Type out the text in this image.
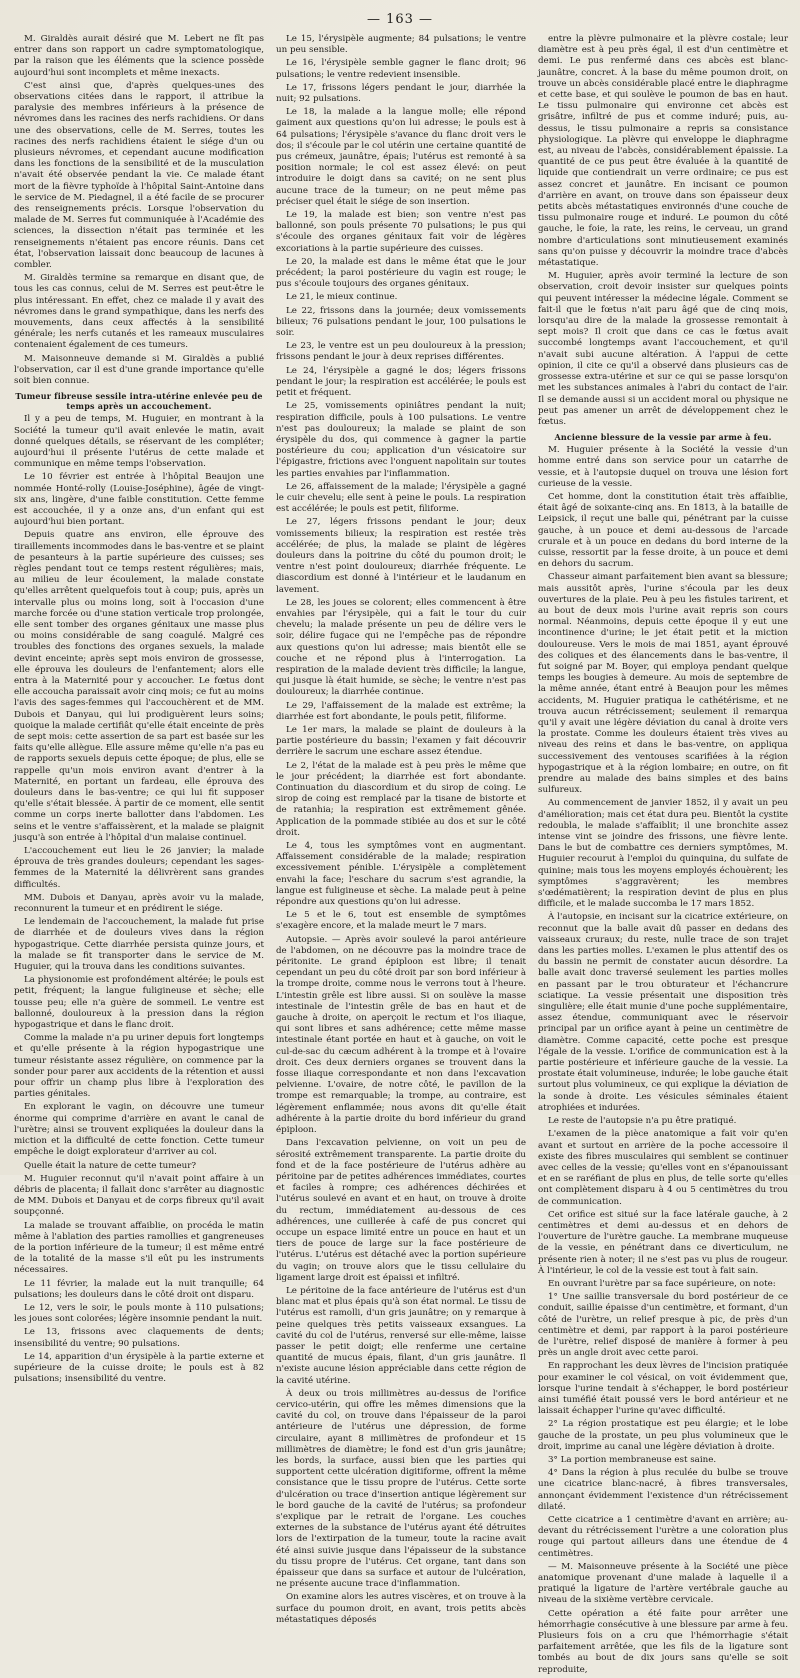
— 163 —

M. Giraldès aurait désiré que M. Lebert ne fît pas entrer dans son rapport un cadre symptomatologique, par la raison que les éléments que la science possède aujourd'hui sont incomplets et même inexacts.

C'est ainsi que, d'après quelques-unes des observations citées dans le rapport, il attribue la paralysie des membres inférieurs à la présence de névromes dans les racines des nerfs rachidiens. Or dans une des observations, celle de M. Serres, toutes les racines des nerfs rachidiens étaient le siége d'un ou plusieurs névromes, et cependant aucune modification dans les fonctions de la sensibilité et de la musculation n'avait été observée pendant la vie. Ce malade étant mort de la fièvre typhoïde à l'hôpital Saint-Antoine dans le service de M. Piedagnel, il a été facile de se procurer des renseignements précis. Lorsque l'observation du malade de M. Serres fut communiquée à l'Académie des sciences, la dissection n'était pas terminée et les renseignements n'étaient pas encore réunis. Dans cet état, l'observation laissait donc beaucoup de lacunes à combler.

M. Giraldès termine sa remarque en disant que, de tous les cas connus, celui de M. Serres est peut-être le plus intéressant. En effet, chez ce malade il y avait des névromes dans le grand sympathique, dans les nerfs des mouvements, dans ceux affectés à la sensibilité générale; les nerfs cutanés et les rameaux musculaires contenaient également de ces tumeurs.

M. Maisonneuve demande si M. Giraldès a publié l'observation, car il est d'une grande importance qu'elle soit bien connue.

Tumeur fibreuse sessile intra-utérine enlevée peu de temps après un accouchement.

Il y a peu de temps, M. Huguier, en montrant à la Société la tumeur qu'il avait enlevée le matin, avait donné quelques détails, se réservant de les compléter; aujourd'hui il présente l'utérus de cette malade et communique en même temps l'observation.

Le 10 février est entrée à l'hôpital Beaujon une nommée Honté-rolly (Louise-Joséphine), âgée de vingt-six ans, lingère, d'une faible constitution. Cette femme est accouchée, il y a onze ans, d'un enfant qui est aujourd'hui bien portant.

Depuis quatre ans environ, elle éprouve des tiraillements incommodes dans le bas-ventre et se plaint de pesanteurs à la partie supérieure des cuisses; ses règles pendant tout ce temps restent régulières; mais, au milieu de leur écoulement, la malade constate qu'elles arrêtent quelquefois tout à coup; puis, après un intervalle plus ou moins long, soit à l'occasion d'une marche forcée ou d'une station verticale trop prolongée, elle sent tomber des organes génitaux une masse plus ou moins considérable de sang coagulé. Malgré ces troubles des fonctions des organes sexuels, la malade devint enceinte; après sept mois environ de grossesse, elle éprouva les douleurs de l'enfantement; alors elle entra à la Maternité pour y accoucher. Le fœtus dont elle accoucha paraissait avoir cinq mois; ce fut au moins l'avis des sages-femmes qui l'accouchèrent et de MM. Dubois et Danyau, qui lui prodiguèrent leurs soins; quoique la malade certifiât qu'elle était enceinte de près de sept mois: cette assertion de sa part est basée sur les faits qu'elle allègue. Elle assure même qu'elle n'a pas eu de rapports sexuels depuis cette époque; de plus, elle se rappelle qu'un mois environ avant d'entrer à la Maternité, en portant un fardeau, elle éprouva des douleurs dans le bas-ventre; ce qui lui fit supposer qu'elle s'était blessée. À partir de ce moment, elle sentit comme un corps inerte ballotter dans l'abdomen. Les seins et le ventre s'affaissèrent, et la malade se plaignit jusqu'à son entrée à l'hôpital d'un malaise continuel.

L'accouchement eut lieu le 26 janvier; la malade éprouva de très grandes douleurs; cependant les sages-femmes de la Maternité la délivrèrent sans grandes difficultés.

MM. Dubois et Danyau, après avoir vu la malade, reconnurent la tumeur et en prédirent le siége.

Le lendemain de l'accouchement, la malade fut prise de diarrhée et de douleurs vives dans la région hypogastrique. Cette diarrhée persista quinze jours, et la malade se fit transporter dans le service de M. Huguier, qui la trouva dans les conditions suivantes.

La physionomie est profondément altérée; le pouls est petit, fréquent; la langue fuligineuse et sèche; elle tousse peu; elle n'a guère de sommeil. Le ventre est ballonné, douloureux à la pression dans la région hypogastrique et dans le flanc droit.

Comme la malade n'a pu uriner depuis fort longtemps et qu'elle présente à la région hypogastrique une tumeur résistante assez régulière, on commence par la sonder pour parer aux accidents de la rétention et aussi pour offrir un champ plus libre à l'exploration des parties génitales.

En explorant le vagin, on découvre une tumeur énorme qui comprime d'arrière en avant le canal de l'urètre; ainsi se trouvent expliquées la douleur dans la miction et la difficulté de cette fonction. Cette tumeur empêche le doigt explorateur d'arriver au col.

Quelle était la nature de cette tumeur?

M. Huguier reconnut qu'il n'avait point affaire à un débris de placenta; il fallait donc s'arrêter au diagnostic de MM. Dubois et Danyau et de corps fibreux qu'il avait soupçonné.

La malade se trouvant affaiblie, on procéda le matin même à l'ablation des parties ramollies et gangreneuses de la portion inférieure de la tumeur; il est même entré de la totalité de la masse s'il eût pu les instruments nécessaires.

Le 11 février, la malade eut la nuit tranquille; 64 pulsations; les douleurs dans le côté droit ont disparu.

Le 12, vers le soir, le pouls monte à 110 pulsations; les joues sont colorées; légère insomnie pendant la nuit.

Le 13, frissons avec claquements de dents; insensibilité du ventre; 90 pulsations.

Le 14, apparition d'un érysipèle à la partie externe et supérieure de la cuisse droite; le pouls est à 82 pulsations; insensibilité du ventre.

Le 15, l'érysipèle augmente; 84 pulsations; le ventre un peu sensible.

Le 16, l'érysipèle semble gagner le flanc droit; 96 pulsations; le ventre redevient insensible.

Le 17, frissons légers pendant le jour, diarrhée la nuit; 92 pulsations.

Le 18, la malade a la langue molle; elle répond gaiment aux questions qu'on lui adresse; le pouls est à 64 pulsations; l'érysipèle s'avance du flanc droit vers le dos; il s'écoule par le col utérin une certaine quantité de pus crémeux, jaunâtre, épais; l'utérus est remonté à sa position normale; le col est assez élevé: on peut introduire le doigt dans sa cavité; on ne sent plus aucune trace de la tumeur; on ne peut même pas préciser quel était le siége de son insertion.

Le 19, la malade est bien; son ventre n'est pas ballonné, son pouls présente 70 pulsations; le pus qui s'écoule des organes génitaux fait voir de légères excoriations à la partie supérieure des cuisses.

Le 20, la malade est dans le même état que le jour précédent; la paroi postérieure du vagin est rouge; le pus s'écoule toujours des organes génitaux.

Le 21, le mieux continue.

Le 22, frissons dans la journée; deux vomissements bilieux; 76 pulsations pendant le jour, 100 pulsations le soir.

Le 23, le ventre est un peu douloureux à la pression; frissons pendant le jour à deux reprises différentes.

Le 24, l'érysipèle a gagné le dos; légers frissons pendant le jour; la respiration est accélérée; le pouls est petit et fréquent.

Le 25, vomissements opiniâtres pendant la nuit; respiration difficile, pouls à 100 pulsations. Le ventre n'est pas douloureux; la malade se plaint de son érysipèle du dos, qui commence à gagner la partie postérieure du cou; application d'un vésicatoire sur l'épigastre, frictions avec l'onguent napolitain sur toutes les parties envahies par l'inflammation.

Le 26, affaissement de la malade; l'érysipèle a gagné le cuir chevelu; elle sent à peine le pouls. La respiration est accélérée; le pouls est petit, filiforme.

Le 27, légers frissons pendant le jour; deux vomissements bilieux; la respiration est restée très accélérée; de plus, la malade se plaint de légères douleurs dans la poitrine du côté du poumon droit; le ventre n'est point douloureux; diarrhée fréquente. Le diascordium est donné à l'intérieur et le laudanum en lavement.

Le 28, les joues se colorent; elles commencent à être envahies par l'érysipèle, qui a fait le tour du cuir chevelu; la malade présente un peu de délire vers le soir, délire fugace qui ne l'empêche pas de répondre aux questions qu'on lui adresse; mais bientôt elle se couche et ne répond plus à l'interrogation. La respiration de la malade devient très difficile; la langue, qui jusque là était humide, se sèche; le ventre n'est pas douloureux; la diarrhée continue.

Le 29, l'affaissement de la malade est extrême; la diarrhée est fort abondante, le pouls petit, filiforme.

Le 1er mars, la malade se plaint de douleurs à la partie postérieure du bassin; l'examen y fait découvrir derrière le sacrum une eschare assez étendue.

Le 2, l'état de la malade est à peu près le même que le jour précédent; la diarrhée est fort abondante. Continuation du diascordium et du sirop de coing. Le sirop de coing est remplacé par la tisane de bistorte et de ratanhia; la respiration est extrêmement gênée. Application de la pommade stibiée au dos et sur le côté droit.

Le 4, tous les symptômes vont en augmentant. Affaissement considérable de la malade; respiration excessivement pénible. L'érysipèle a complètement envahi la face; l'eschare du sacrum s'est agrandie, la langue est fuligineuse et sèche. La malade peut à peine répondre aux questions qu'on lui adresse.

Le 5 et le 6, tout est ensemble de symptômes s'exagère encore, et la malade meurt le 7 mars.

Autopsie. — Après avoir soulevé la paroi antérieure de l'abdomen, on ne découvre pas la moindre trace de péritonite. Le grand épiploon est libre; il tenait cependant un peu du côté droit par son bord inférieur à la trompe droite, comme nous le verrons tout à l'heure. L'intestin grêle est libre aussi. Si on soulève la masse intestinale de l'intestin grêle de bas en haut et de gauche à droite, on aperçoit le rectum et l'os iliaque, qui sont libres et sans adhérence; cette même masse intestinale étant portée en haut et à gauche, on voit le cul-de-sac du cæcum adhérent à la trompe et à l'ovaire droit. Ces deux derniers organes se trouvent dans la fosse iliaque correspondante et non dans l'excavation pelvienne. L'ovaire, de notre côté, le pavillon de la trompe est remarquable; la trompe, au contraire, est légèrement enflammée; nous avons dit qu'elle était adhérente à la partie droite du bord inférieur du grand épiploon.

Dans l'excavation pelvienne, on voit un peu de sérosité extrêmement transparente. La partie droite du fond et de la face postérieure de l'utérus adhère au péritoine par de petites adhérences immédiates, courtes et faciles à rompre; ces adhérences déchirées et l'utérus soulevé en avant et en haut, on trouve à droite du rectum, immédiatement au-dessous de ces adhérences, une cuillerée à café de pus concret qui occupe un espace limité entre un pouce en haut et un tiers de pouce de large sur la face postérieure de l'utérus. L'utérus est détaché avec la portion supérieure du vagin; on trouve alors que le tissu cellulaire du ligament large droit est épaissi et infiltré.

Le péritoine de la face antérieure de l'utérus est d'un blanc mat et plus épais qu'à son état normal. Le tissu de l'utérus est ramolli, d'un gris jaunâtre; on y remarque à peine quelques très petits vaisseaux exsangues. La cavité du col de l'utérus, renversé sur elle-même, laisse passer le petit doigt; elle renferme une certaine quantité de mucus épais, filant, d'un gris jaunâtre. Il n'existe aucune lésion appréciable dans cette région de la cavité utérine.

À deux ou trois millimètres au-dessus de l'orifice cervico-utérin, qui offre les mêmes dimensions que la cavité du col, on trouve dans l'épaisseur de la paroi antérieure de l'utérus une dépression, de forme circulaire, ayant 8 millimètres de profondeur et 15 millimètres de diamètre; le fond est d'un gris jaunâtre; les bords, la surface, aussi bien que les parties qui supportent cette ulcération digitiforme, offrent la même consistance que le tissu propre de l'utérus. Cette sorte d'ulcération ou trace d'insertion antique légèrement sur le bord gauche de la cavité de l'utérus; sa profondeur s'explique par le retrait de l'organe. Les couches externes de la substance de l'utérus ayant été détruites lors de l'extirpation de la tumeur, toute la racine avait été ainsi suivie jusque dans l'épaisseur de la substance du tissu propre de l'utérus. Cet organe, tant dans son épaisseur que dans sa surface et autour de l'ulcération, ne présente aucune trace d'inflammation.

On examine alors les autres viscères, et on trouve à la surface du poumon droit, en avant, trois petits abcès métastatiques déposés

entre la plèvre pulmonaire et la plèvre costale; leur diamètre est à peu près égal, il est d'un centimètre et demi. Le pus renfermé dans ces abcès est blanc-jaunâtre, concret. À la base du même poumon droit, on trouve un abcès considérable placé entre le diaphragme et cette base, et qui soulève le poumon de bas en haut. Le tissu pulmonaire qui environne cet abcès est grisâtre, infiltré de pus et comme induré; puis, au-dessus, le tissu pulmonaire a repris sa consistance physiologique. La plèvre qui enveloppe le diaphragme est, au niveau de l'abcès, considérablement épaissie. La quantité de ce pus peut être évaluée à la quantité de liquide que contiendrait un verre ordinaire; ce pus est assez concret et jaunâtre. En incisant ce poumon d'arrière en avant, on trouve dans son épaisseur deux petits abcès métastatiques environnés d'une couche de tissu pulmonaire rouge et induré. Le poumon du côté gauche, le foie, la rate, les reins, le cerveau, un grand nombre d'articulations sont minutieusement examinés sans qu'on puisse y découvrir la moindre trace d'abcès métastatique.

M. Huguier, après avoir terminé la lecture de son observation, croit devoir insister sur quelques points qui peuvent intéresser la médecine légale. Comment se fait-il que le fœtus n'ait paru âgé que de cinq mois, lorsqu'au dire de la malade la grossesse remontait à sept mois? Il croit que dans ce cas le fœtus avait succombé longtemps avant l'accouchement, et qu'il n'avait subi aucune altération. À l'appui de cette opinion, il cite ce qu'il a observé dans plusieurs cas de grossesse extra-utérine et sur ce qui se passe lorsqu'on met les substances animales à l'abri du contact de l'air. Il se demande aussi si un accident moral ou physique ne peut pas amener un arrêt de développement chez le fœtus.

Ancienne blessure de la vessie par arme à feu.

M. Huguier présente à la Société la vessie d'un homme entré dans son service pour un catarrhe de vessie, et à l'autopsie duquel on trouva une lésion fort curieuse de la vessie.

Cet homme, dont la constitution était très affaiblie, était âgé de soixante-cinq ans. En 1813, à la bataille de Leipsick, il reçut une balle qui, pénétrant par la cuisse gauche, à un pouce et demi au-dessous de l'arcade crurale et à un pouce en dedans du bord interne de la cuisse, ressortit par la fesse droite, à un pouce et demi en dehors du sacrum.

Chasseur aimant parfaitement bien avant sa blessure; mais aussitôt après, l'urine s'écoula par les deux ouvertures de la plaie. Peu à peu les fistules tarirent, et au bout de deux mois l'urine avait repris son cours normal. Néanmoins, depuis cette époque il y eut une incontinence d'urine; le jet était petit et la miction douloureuse. Vers le mois de mai 1851, ayant éprouvé des coliques et des élancements dans le bas-ventre, il fut soigné par M. Boyer, qui employa pendant quelque temps les bougies à demeure. Au mois de septembre de la même année, étant entré à Beaujon pour les mêmes accidents, M. Huguier pratiqua le cathétérisme, et ne trouva aucun rétrécissement; seulement il remarqua qu'il y avait une légère déviation du canal à droite vers la prostate. Comme les douleurs étaient très vives au niveau des reins et dans le bas-ventre, on appliqua successivement des ventouses scarifiées à la région hypogastrique et à la région lombaire; en outre, on fit prendre au malade des bains simples et des bains sulfureux.

Au commencement de janvier 1852, il y avait un peu d'amélioration; mais cet état dura peu. Bientôt la cystite redoubla, le malade s'affaiblit; il une bronchite assez intense vint se joindre des frissons, une fièvre lente. Dans le but de combattre ces derniers symptômes, M. Huguier recourut à l'emploi du quinquina, du sulfate de quinine; mais tous les moyens employés échouèrent; les symptômes s'aggravèrent; les membres s'œdématièrent; la respiration devint de plus en plus difficile, et le malade succomba le 17 mars 1852.

À l'autopsie, en incisant sur la cicatrice extérieure, on reconnut que la balle avait dû passer en dedans des vaisseaux cruraux; du reste, nulle trace de son trajet dans les parties molles. L'examen le plus attentif des os du bassin ne permit de constater aucun désordre. La balle avait donc traversé seulement les parties molles en passant par le trou obturateur et l'échancrure sciatique. La vessie présentait une disposition très singulière; elle était munie d'une poche supplémentaire, assez étendue, communiquant avec le réservoir principal par un orifice ayant à peine un centimètre de diamètre. Comme capacité, cette poche est presque l'égale de la vessie. L'orifice de communication est à la partie postérieure et inférieure gauche de la vessie. La prostate était volumineuse, indurée; le lobe gauche était surtout plus volumineux, ce qui explique la déviation de la sonde à droite. Les vésicules séminales étaient atrophiées et indurées.

Le reste de l'autopsie n'a pu être pratiqué.

L'examen de la pièce anatomique a fait voir qu'en avant et surtout en arrière de la poche accessoire il existe des fibres musculaires qui semblent se continuer avec celles de la vessie; qu'elles vont en s'épanouissant et en se raréfiant de plus en plus, de telle sorte qu'elles ont complètement disparu à 4 ou 5 centimètres du trou de communication.

Cet orifice est situé sur la face latérale gauche, à 2 centimètres et demi au-dessus et en dehors de l'ouverture de l'urètre gauche. La membrane muqueuse de la vessie, en pénétrant dans ce diverticulum, ne présente rien à noter; il ne s'est pas vu plus de rougeur. À l'intérieur, le col de la vessie est tout à fait sain.

En ouvrant l'urètre par sa face supérieure, on note:

1° Une saillie transversale du bord postérieur de ce conduit, saillie épaisse d'un centimètre, et formant, d'un côté de l'urètre, un relief presque à pic, de près d'un centimètre et demi, par rapport à la paroi postérieure de l'urètre, relief disposé de manière à former à peu près un angle droit avec cette paroi.

En rapprochant les deux lèvres de l'incision pratiquée pour examiner le col vésical, on voit évidemment que, lorsque l'urine tendait à s'échapper, le bord postérieur ainsi tuméfié était poussé vers le bord antérieur et ne laissait échapper l'urine qu'avec difficulté.

2° La région prostatique est peu élargie; et le lobe gauche de la prostate, un peu plus volumineux que le droit, imprime au canal une légère déviation à droite.

3° La portion membraneuse est saine.

4° Dans la région à plus reculée du bulbe se trouve une cicatrice blanc-nacré, à fibres transversales, annonçant évidemment l'existence d'un rétrécissement dilaté.

Cette cicatrice a 1 centimètre d'avant en arrière; au-devant du rétrécissement l'urètre a une coloration plus rouge qui partout ailleurs dans une étendue de 4 centimètres.

— M. Maisonneuve présente à la Société une pièce anatomique provenant d'une malade à laquelle il a pratiqué la ligature de l'artère vertébrale gauche au niveau de la sixième vertèbre cervicale.

Cette opération a été faite pour arrêter une hémorrhagie consécutive à une blessure par arme à feu. Plusieurs fois on a cru que l'hémorrhagie s'était parfaitement arrêtée, que les fils de la ligature sont tombés au bout de dix jours sans qu'elle se soit reproduite,
